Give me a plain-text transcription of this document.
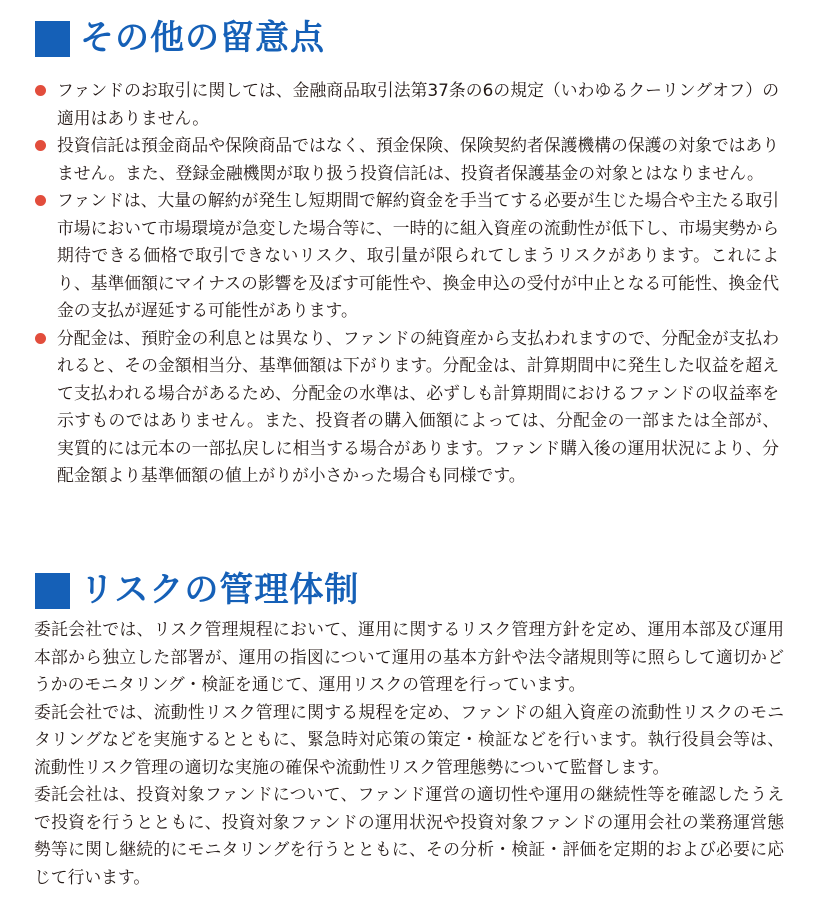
その他の留意点
ファンドのお取引に関しては、金融商品取引法第37条の6の規定（いわゆるクーリングオフ）の適用はありません。
投資信託は預金商品や保険商品ではなく、預金保険、保険契約者保護機構の保護の対象ではありません。また、登録金融機関が取り扱う投資信託は、投資者保護基金の対象とはなりません。
ファンドは、大量の解約が発生し短期間で解約資金を手当てする必要が生じた場合や主たる取引市場において市場環境が急変した場合等に、一時的に組入資産の流動性が低下し、市場実勢から期待できる価格で取引できないリスク、取引量が限られてしまうリスクがあります。これにより、基準価額にマイナスの影響を及ぼす可能性や、換金申込の受付が中止となる可能性、換金代金の支払が遅延する可能性があります。
分配金は、預貯金の利息とは異なり、ファンドの純資産から支払われますので、分配金が支払われると、その金額相当分、基準価額は下がります。分配金は、計算期間中に発生した収益を超えて支払われる場合があるため、分配金の水準は、必ずしも計算期間におけるファンドの収益率を示すものではありません。また、投資者の購入価額によっては、分配金の一部または全部が、実質的には元本の一部払戻しに相当する場合があります。ファンド購入後の運用状況により、分配金額より基準価額の値上がりが小さかった場合も同様です。
リスクの管理体制

委託会社では、リスク管理規程において、運用に関するリスク管理方針を定め、運用本部及び運用本部から独立した部署が、運用の指図について運用の基本方針や法令諸規則等に照らして適切かどうかのモニタリング・検証を通じて、運用リスクの管理を行っています。

委託会社では、流動性リスク管理に関する規程を定め、ファンドの組入資産の流動性リスクのモニタリングなどを実施するとともに、緊急時対応策の策定・検証などを行います。執行役員会等は、流動性リスク管理の適切な実施の確保や流動性リスク管理態勢について監督します。

委託会社は、投資対象ファンドについて、ファンド運営の適切性や運用の継続性等を確認したうえで投資を行うとともに、投資対象ファンドの運用状況や投資対象ファンドの運用会社の業務運営態勢等に関し継続的にモニタリングを行うとともに、その分析・検証・評価を定期的および必要に応じて行います。
